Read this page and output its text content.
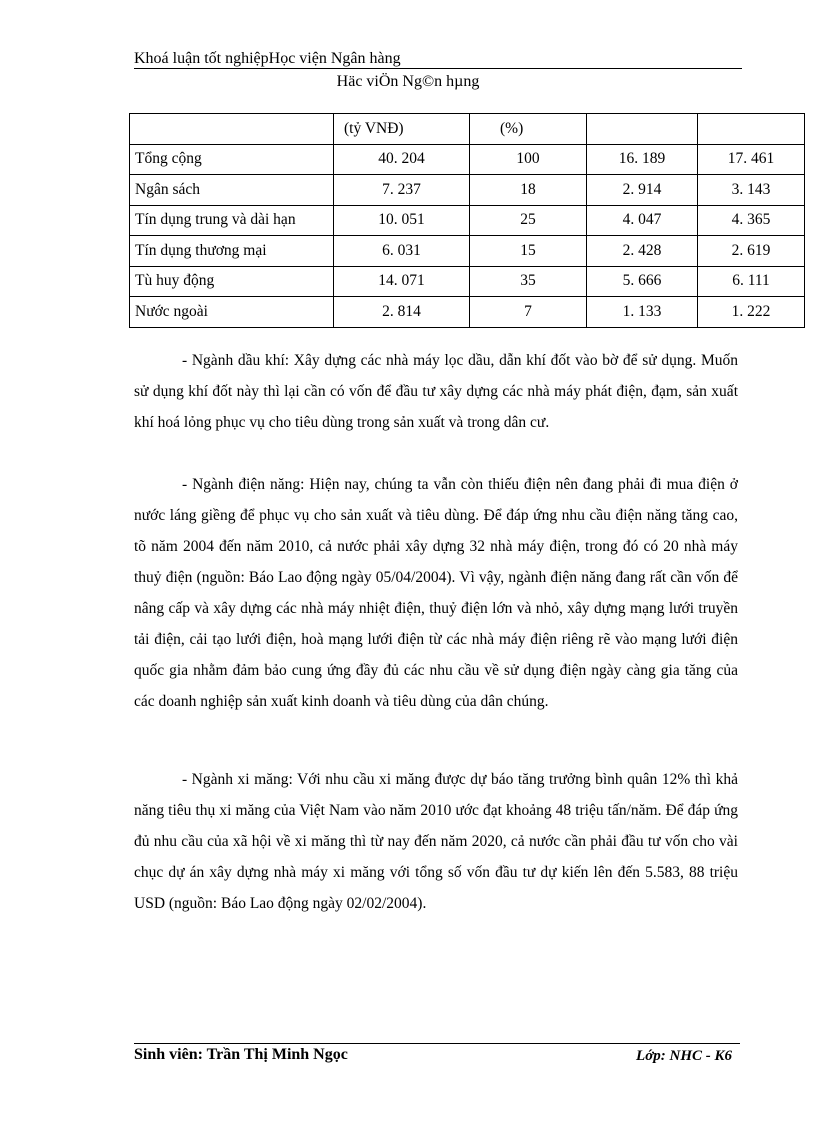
Khoá luận tốt nghiệpHọc viện Ngân hàng
Häc viÖn Ng©n hµng
	(tỷ VNĐ)	(%)		
Tổng cộng	40. 204	100	16. 189	17. 461
Ngân sách	7. 237	18	2. 914	3. 143
Tín dụng trung và dài hạn	10. 051	25	4. 047	4. 365
Tín dụng thương mại	6. 031	15	2. 428	2. 619
Tù huy động	14. 071	35	5. 666	6. 111
Nước ngoài	2. 814	7	1. 133	1. 222

- Ngành dầu khí: Xây dựng các nhà máy lọc dầu, dẫn khí đốt vào bờ để sử dụng. Muốn sử dụng khí đốt này thì lại cần có vốn để đầu tư xây dựng các nhà máy phát điện, đạm, sản xuất khí hoá lỏng phục vụ cho tiêu dùng trong sản xuất và trong dân cư.

- Ngành điện năng: Hiện nay, chúng ta vẫn còn thiếu điện nên đang phải đi mua điện ở nước láng giềng để phục vụ cho sản xuất và tiêu dùng. Để đáp ứng nhu cầu điện năng tăng cao, tõ năm 2004 đến năm 2010, cả nước phải xây dựng 32 nhà máy điện, trong đó có 20 nhà máy thuỷ điện (nguồn: Báo Lao động ngày 05/04/2004). Vì vậy, ngành điện năng đang rất cần vốn để nâng cấp và xây dựng các nhà máy nhiệt điện, thuỷ điện lớn và nhỏ, xây dựng mạng lưới truyền tải điện, cải tạo lưới điện, hoà mạng lưới điện từ các nhà máy điện riêng rẽ vào mạng lưới điện quốc gia nhằm đảm bảo cung ứng đầy đủ các nhu cầu về sử dụng điện ngày càng gia tăng của các doanh nghiệp sản xuất kinh doanh và tiêu dùng của dân chúng.

- Ngành xi măng: Với nhu cầu xi măng được dự báo tăng trưởng bình quân 12% thì khả năng tiêu thụ xi măng của Việt Nam vào năm 2010 ước đạt khoảng 48 triệu tấn/năm. Để đáp ứng đủ nhu cầu của xã hội về xi măng thì từ nay đến năm 2020, cả nước cần phải đầu tư vốn cho vài chục dự án xây dựng nhà máy xi măng với tổng số vốn đầu tư dự kiến lên đến 5.583, 88 triệu USD (nguồn: Báo Lao động ngày 02/02/2004).

Sinh viên: Trần Thị Minh Ngọc	Lớp: NHC - K6
